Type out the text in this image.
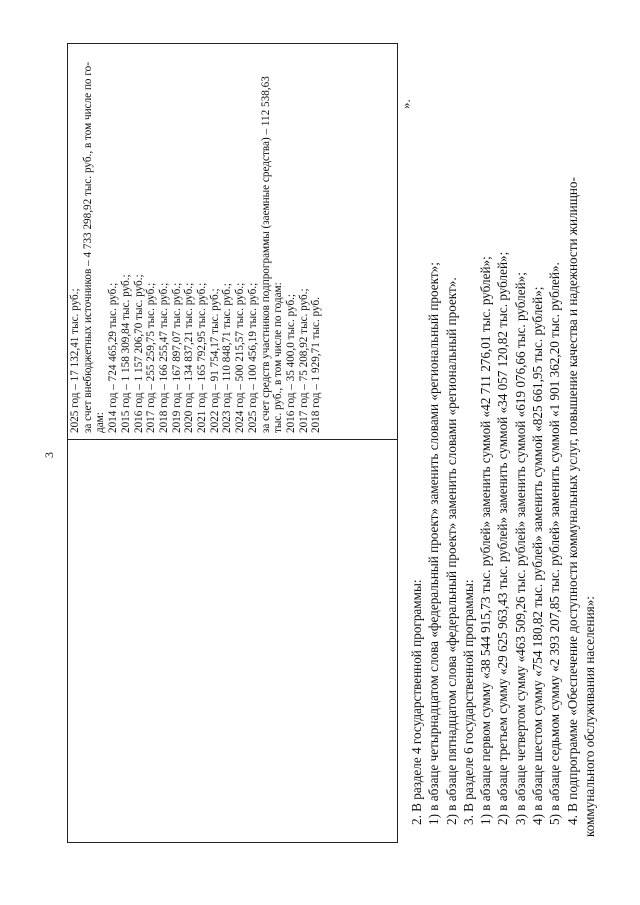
3
2025 год – 17 132,41 тыс. руб.; за счет внебюджетных источников – 4 733 298,92 тыс. руб., в том числе по го- дам: 2014 год – 724 465,29 тыс. руб.; 2015 год – 1 158 309,84 тыс. руб.; 2016 год – 1 157 206,70 тыс. руб.; 2017 год – 255 259,75 тыс. руб.; 2018 год – 166 255,47 тыс. руб.; 2019 год – 167 897,07 тыс. руб.; 2020 год – 134 837,21 тыс. руб.; 2021 год – 165 792,95 тыс. руб.; 2022 год – 91 754,17 тыс. руб.; 2023 год – 110 848,71 тыс. руб.; 2024 год – 500 215,57 тыс. руб.; 2025 год – 100 456,19 тыс. руб.; за счет средств участников подпрограммы (заемные средства) – 112 538,63 тыс. руб., в том числе по годам: 2016 год – 35 400,0 тыс. руб.; 2017 год – 75 208,92 тыс. руб.; 2018 год – 1 929,71 тыс. руб.
».
2. В разделе 4 государственной программы: 1) в абзаце четырнадцатом слова «федеральный проект» заменить словами «региональный проект»; 2) в абзаце пятнадцатом слова «федеральный проект» заменить словами «региональный проект». 3. В разделе 6 государственной программы: 1) в абзаце первом сумму «38 544 915,73 тыс. рублей» заменить суммой «42 711 276,01 тыс. рублей»; 2) в абзаце третьем сумму «29 625 963,43 тыс. рублей» заменить суммой «34 057 120,82 тыс. рублей»; 3) в абзаце четвертом сумму «463 509,26 тыс. рублей» заменить суммой «619 076,66 тыс. рублей»; 4) в абзаце шестом сумму «754 180,82 тыс. рублей» заменить суммой «825 661,95 тыс. рублей»; 5) в абзаце седьмом сумму «2 393 207,85 тыс. рублей» заменить суммой «1 901 362,20 тыс. рублей». 4. В подпрограмме «Обеспечение доступности коммунальных услуг, повышение качества и надежности жилищно- коммунального обслуживания населения»:
